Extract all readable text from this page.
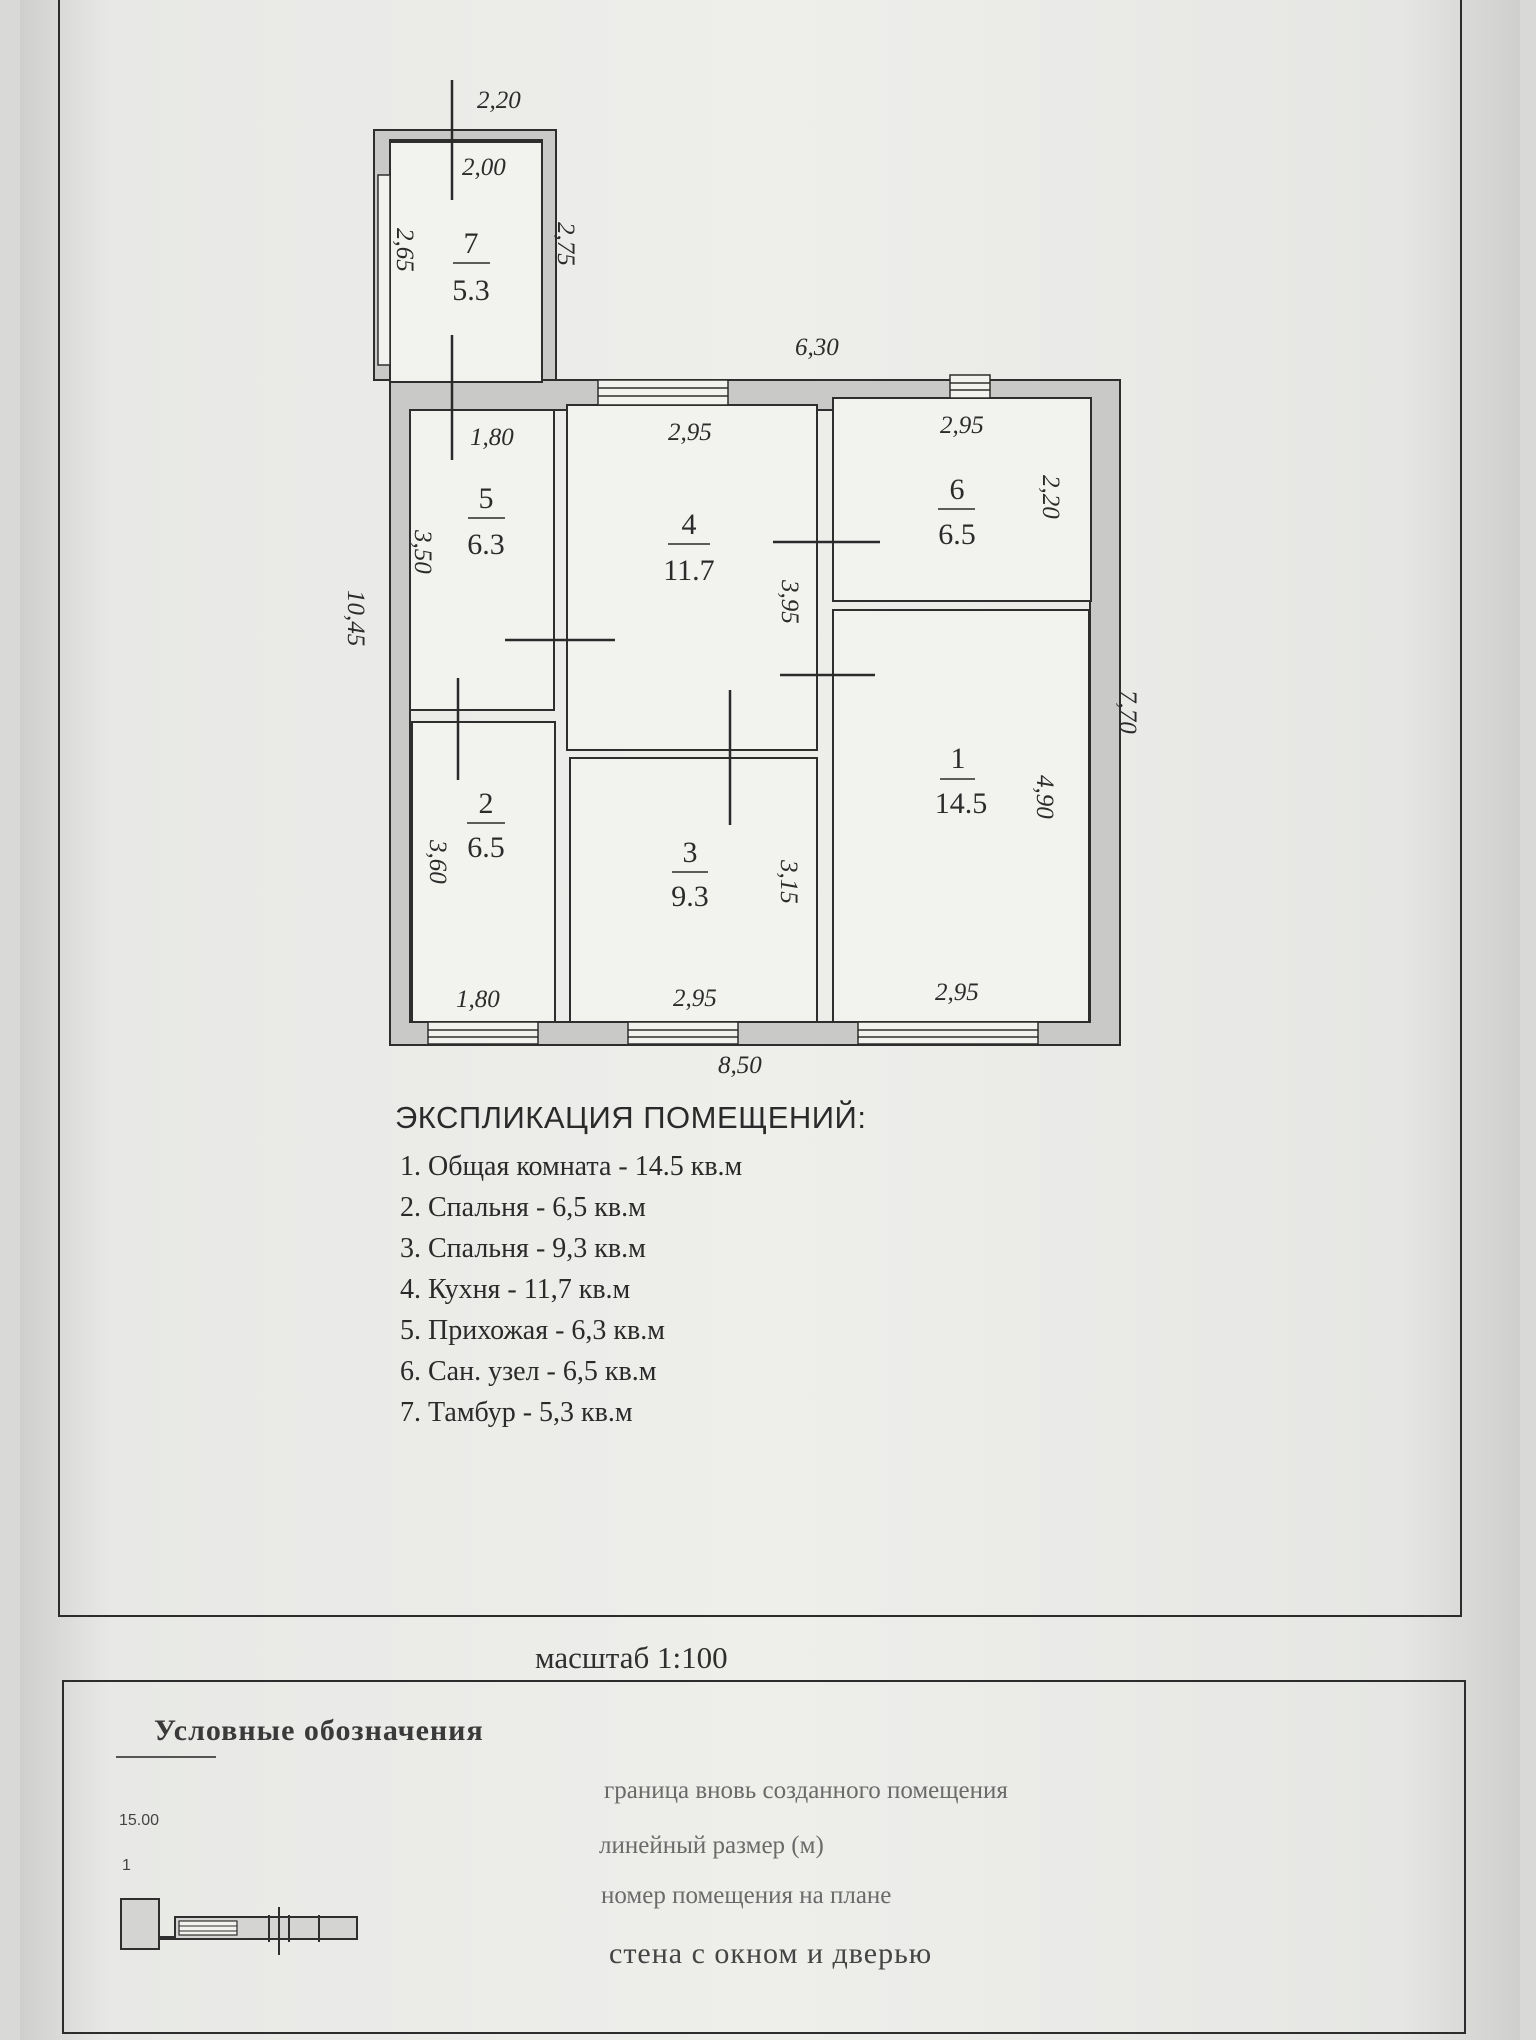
7
5.3
5
6.3
4
11.7
6
6.5
2
6.5	3
9.3
1
14.5
2,20
2,00
2,65	2,75
6,30
1,80	2,95	2,95
2,20
3,50
3,95
10,45
7,70
4,90
3,60	3,15
1,80	2,95	2,95
8,50
ЭКСПЛИКАЦИЯ ПОМЕЩЕНИЙ:
1. Общая комната - 14.5 кв.м
2. Спальня - 6,5 кв.м
3. Спальня - 9,3 кв.м
4. Кухня - 11,7 кв.м
5. Прихожая - 6,3 кв.м
6. Сан. узел - 6,5 кв.м
7. Тамбур - 5,3 кв.м
масштаб 1:100
Условные обозначения
15.00
1
граница вновь созданного помещения
линейный размер (м)
номер помещения на плане
стена с окном и дверью
